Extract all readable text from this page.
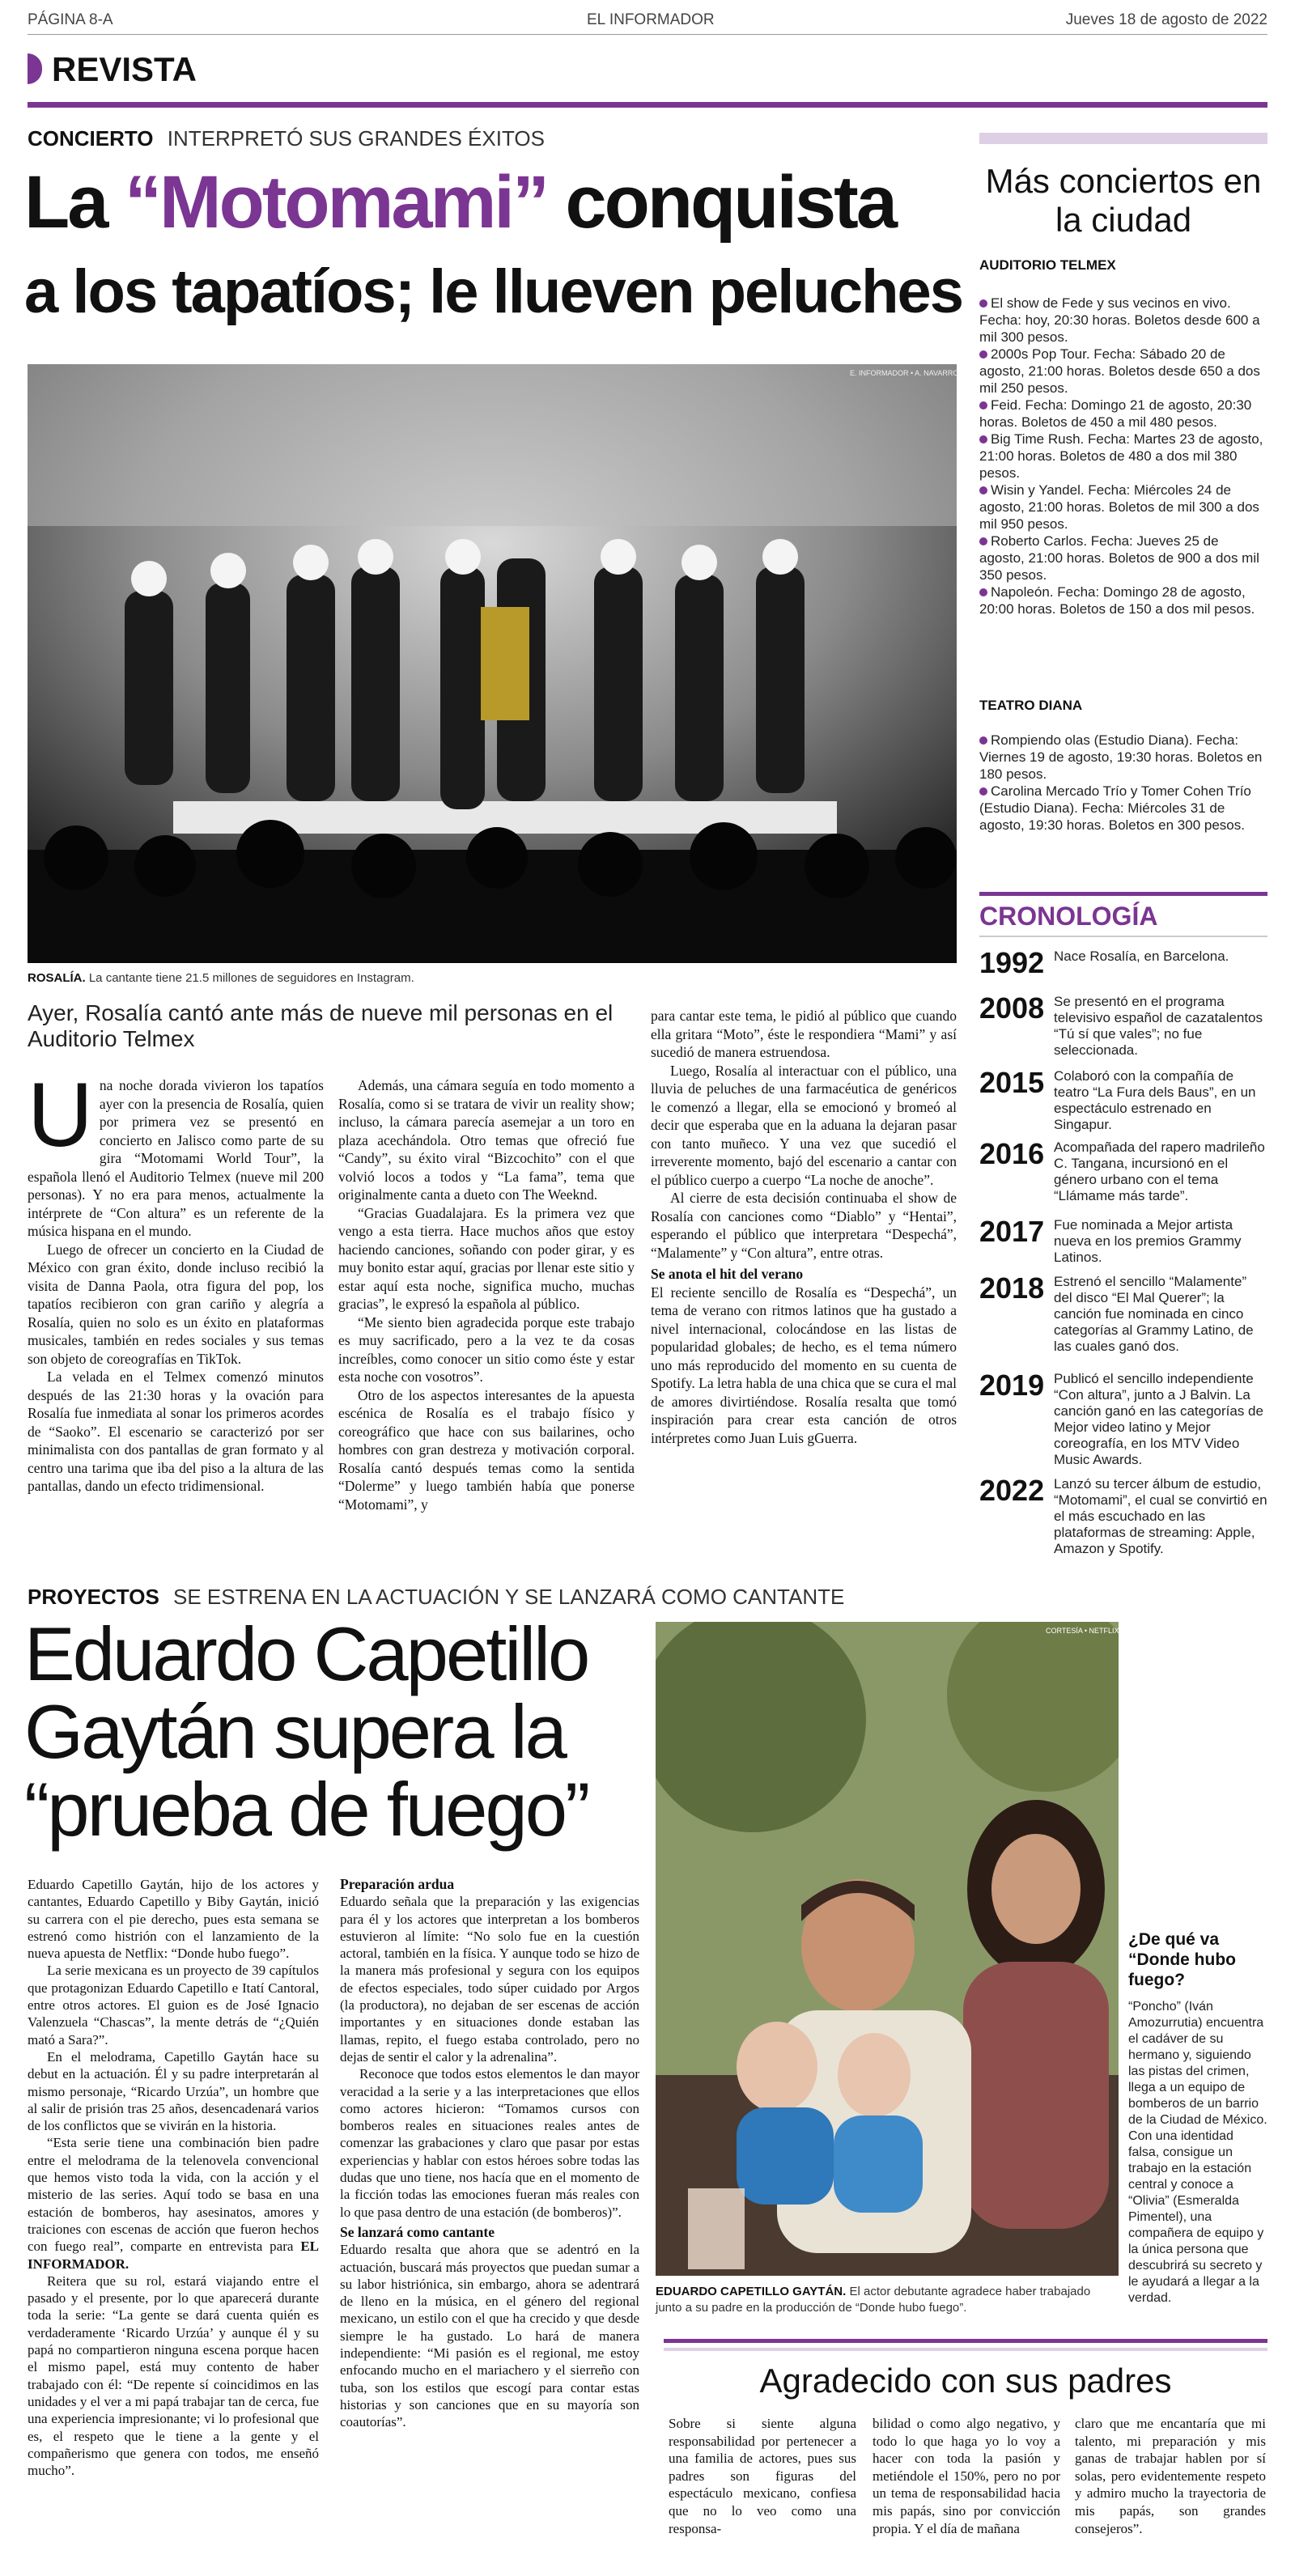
PÁGINA 8-A	EL INFORMADOR	Jueves 18 de agosto de 2022
REVISTA
CONCIERTO INTERPRETÓ SUS GRANDES ÉXITOS
La “Motomami” conquista
a los tapatíos; le llueven peluches
E. INFORMADOR • A. NAVARRO
ROSALÍA. La cantante tiene 21.5 millones de seguidores en Instagram.
Ayer, Rosalía cantó ante más de nueve mil personas en el Auditorio Telmex

Una noche dorada vivieron los tapatíos ayer con la presencia de Rosalía, quien por primera vez se presentó en concierto en Jalisco como parte de su gira “Motomami World Tour”, la española llenó el Auditorio Telmex (nueve mil 200 personas). Y no era para menos, actualmente la intérprete de “Con altura” es un referente de la música hispana en el mundo.

Luego de ofrecer un concierto en la Ciudad de México con gran éxito, donde incluso recibió la visita de Danna Paola, otra figura del pop, los tapatíos recibieron con gran cariño y alegría a Rosalía, quien no solo es un éxito en plataformas musicales, también en redes sociales y sus temas son objeto de coreografías en TikTok.

La velada en el Telmex comenzó minutos después de las 21:30 horas y la ovación para Rosalía fue inmediata al sonar los primeros acordes de “Saoko”. El escenario se caracterizó por ser minimalista con dos pantallas de gran formato y al centro una tarima que iba del piso a la altura de las pantallas, dando un efecto tridimensional.

Además, una cámara seguía en todo momento a Rosalía, como si se tratara de vivir un reality show; incluso, la cámara parecía asemejar a un toro en plaza acechándola. Otro temas que ofreció fue “Candy”, su éxito viral “Bizcochito” con el que volvió locos a todos y “La fama”, tema que originalmente canta a dueto con The Weeknd.

“Gracias Guadalajara. Es la primera vez que vengo a esta tierra. Hace muchos años que estoy haciendo canciones, soñando con poder girar, y es muy bonito estar aquí, gracias por llenar este sitio y estar aquí esta noche, significa mucho, muchas gracias”, le expresó la española al público.

“Me siento bien agradecida porque este trabajo es muy sacrificado, pero a la vez te da cosas increíbles, como conocer un sitio como éste y estar esta noche con vosotros”.

Otro de los aspectos interesantes de la apuesta escénica de Rosalía es el trabajo físico y coreográfico que hace con sus bailarines, ocho hombres con gran destreza y motivación corporal. Rosalía cantó después temas como la sentida “Dolerme” y luego también había que ponerse “Motomami”, y

para cantar este tema, le pidió al público que cuando ella gritara “Moto”, éste le respondiera “Mami” y así sucedió de manera estruendosa.

Luego, Rosalía al interactuar con el público, una lluvia de peluches de una farmacéutica de genéricos le comenzó a llegar, ella se emocionó y bromeó al decir que esperaba que en la aduana la dejaran pasar con tanto muñeco. Y una vez que sucedió el irreverente momento, bajó del escenario a cantar con el público cuerpo a cuerpo “La noche de anoche”.

Al cierre de esta decisión continuaba el show de Rosalía con canciones como “Diablo” y “Hentai”, esperando el público que interpretara “Despechá”, “Malamente” y “Con altura”, entre otras.

Se anota el hit del verano

El reciente sencillo de Rosalía es “Despechá”, un tema de verano con ritmos latinos que ha gustado a nivel internacional, colocándose en las listas de popularidad globales; de hecho, es el tema número uno más reproducido del momento en su cuenta de Spotify. La letra habla de una chica que se cura el mal de amores divirtiéndose. Rosalía resalta que tomó inspiración para crear esta canción de otros intérpretes como Juan Luis gGuerra.

Más conciertos en la ciudad
AUDITORIO TELMEX
El show de Fede y sus vecinos en vivo. Fecha: hoy, 20:30 horas. Boletos desde 600 a mil 300 pesos.
2000s Pop Tour. Fecha: Sábado 20 de agosto, 21:00 horas. Boletos desde 650 a dos mil 250 pesos.
Feid. Fecha: Domingo 21 de agosto, 20:30 horas. Boletos de 450 a mil 480 pesos.
Big Time Rush. Fecha: Martes 23 de agosto, 21:00 horas. Boletos de 480 a dos mil 380 pesos.
Wisin y Yandel. Fecha: Miércoles 24 de agosto, 21:00 horas. Boletos de mil 300 a dos mil 950 pesos.
Roberto Carlos. Fecha: Jueves 25 de agosto, 21:00 horas. Boletos de 900 a dos mil 350 pesos.
Napoleón. Fecha: Domingo 28 de agosto, 20:00 horas. Boletos de 150 a dos mil pesos.
TEATRO DIANA
Rompiendo olas (Estudio Diana). Fecha: Viernes 19 de agosto, 19:30 horas. Boletos en 180 pesos.
Carolina Mercado Trío y Tomer Cohen Trío (Estudio Diana). Fecha: Miércoles 31 de agosto, 19:30 horas. Boletos en 300 pesos.
CRONOLOGÍA
1992 Nace Rosalía, en Barcelona.
2008 Se presentó en el programa televisivo español de cazatalentos “Tú sí que vales”; no fue seleccionada.
2015 Colaboró con la compañía de teatro “La Fura dels Baus”, en un espectáculo estrenado en Singapur.
2016 Acompañada del rapero madrileño C. Tangana, incursionó en el género urbano con el tema “Llámame más tarde”.
2017 Fue nominada a Mejor artista nueva en los premios Grammy Latinos.
2018 Estrenó el sencillo “Malamente” del disco “El Mal Querer”; la canción fue nominada en cinco categorías al Grammy Latino, de las cuales ganó dos.
2019 Publicó el sencillo independiente “Con altura”, junto a J Balvin. La canción ganó en las categorías de Mejor video latino y Mejor coreografía, en los MTV Video Music Awards.
2022 Lanzó su tercer álbum de estudio, “Motomami”, el cual se convirtió en el más escuchado en las plataformas de streaming: Apple, Amazon y Spotify.
PROYECTOS SE ESTRENA EN LA ACTUACIÓN Y SE LANZARÁ COMO CANTANTE
Eduardo Capetillo Gaytán supera la “prueba de fuego”
CORTESÍA • NETFLIX
EDUARDO CAPETILLO GAYTÁN. El actor debutante agradece haber trabajado junto a su padre en la producción de “Donde hubo fuego”.
¿De qué va “Donde hubo fuego?
“Poncho” (Iván Amozurrutia) encuentra el cadáver de su hermano y, siguiendo las pistas del crimen, llega a un equipo de bomberos de un barrio de la Ciudad de México. Con una identidad falsa, consigue un trabajo en la estación central y conoce a “Olivia” (Esmeralda Pimentel), una compañera de equipo y la única persona que descubrirá su secreto y le ayudará a llegar a la verdad.

Eduardo Capetillo Gaytán, hijo de los actores y cantantes, Eduardo Capetillo y Biby Gaytán, inició su carrera con el pie derecho, pues esta semana se estrenó como histrión con el lanzamiento de la nueva apuesta de Netflix: “Donde hubo fuego”.

La serie mexicana es un proyecto de 39 capítulos que protagonizan Eduardo Capetillo e Itatí Cantoral, entre otros actores. El guion es de José Ignacio Valenzuela “Chascas”, la mente detrás de “¿Quién mató a Sara?”.

En el melodrama, Capetillo Gaytán hace su debut en la actuación. Él y su padre interpretarán al mismo personaje, “Ricardo Urzúa”, un hombre que al salir de prisión tras 25 años, desencadenará varios de los conflictos que se vivirán en la historia.

“Esta serie tiene una combinación bien padre entre el melodrama de la telenovela convencional que hemos visto toda la vida, con la acción y el misterio de las series. Aquí todo se basa en una estación de bomberos, hay asesinatos, amores y traiciones con escenas de acción que fueron hechos con fuego real”, comparte en entrevista para EL INFORMADOR.

Reitera que su rol, estará viajando entre el pasado y el presente, por lo que aparecerá durante toda la serie: “La gente se dará cuenta quién es verdaderamente ‘Ricardo Urzúa’ y aunque él y su papá no compartieron ninguna escena porque hacen el mismo papel, está muy contento de haber trabajado con él: “De repente sí coincidimos en las unidades y el ver a mi papá trabajar tan de cerca, fue una experiencia impresionante; vi lo profesional que es, el respeto que le tiene a la gente y el compañerismo que genera con todos, me enseñó mucho”.

Preparación ardua

Eduardo señala que la preparación y las exigencias para él y los actores que interpretan a los bomberos estuvieron al límite: “No solo fue en la cuestión actoral, también en la física. Y aunque todo se hizo de la manera más profesional y segura con los equipos de efectos especiales, todo súper cuidado por Argos (la productora), no dejaban de ser escenas de acción importantes y en situaciones donde estaban las llamas, repito, el fuego estaba controlado, pero no dejas de sentir el calor y la adrenalina”.

Reconoce que todos estos elementos le dan mayor veracidad a la serie y a las interpretaciones que ellos como actores hicieron: “Tomamos cursos con bomberos reales en situaciones reales antes de comenzar las grabaciones y claro que pasar por estas experiencias y hablar con estos héroes sobre todas las dudas que uno tiene, nos hacía que en el momento de la ficción todas las emociones fueran más reales con lo que pasa dentro de una estación (de bomberos)”.

Se lanzará como cantante

Eduardo resalta que ahora que se adentró en la actuación, buscará más proyectos que puedan sumar a su labor histriónica, sin embargo, ahora se adentrará de lleno en la música, en el género del regional mexicano, un estilo con el que ha crecido y que desde siempre le ha gustado. Lo hará de manera independiente: “Mi pasión es el regional, me estoy enfocando mucho en el mariachero y el sierreño con tuba, son los estilos que escogí para contar estas historias y son canciones que en su mayoría son coautorías”.

Agradecido con sus padres
Sobre si siente alguna responsabilidad por pertenecer a una familia de actores, pues sus padres son figuras del espectáculo mexicano, confiesa que no lo veo como una responsa-
bilidad o como algo negativo, y todo lo que haga yo lo voy a hacer con toda la pasión y metiéndole el 150%, pero no por un tema de responsabilidad hacia mis papás, sino por convicción propia. Y el día de mañana
claro que me encantaría que mi talento, mi preparación y mis ganas de trabajar hablen por sí solas, pero evidentemente respeto y admiro mucho la trayectoria de mis papás, son grandes consejeros”.
